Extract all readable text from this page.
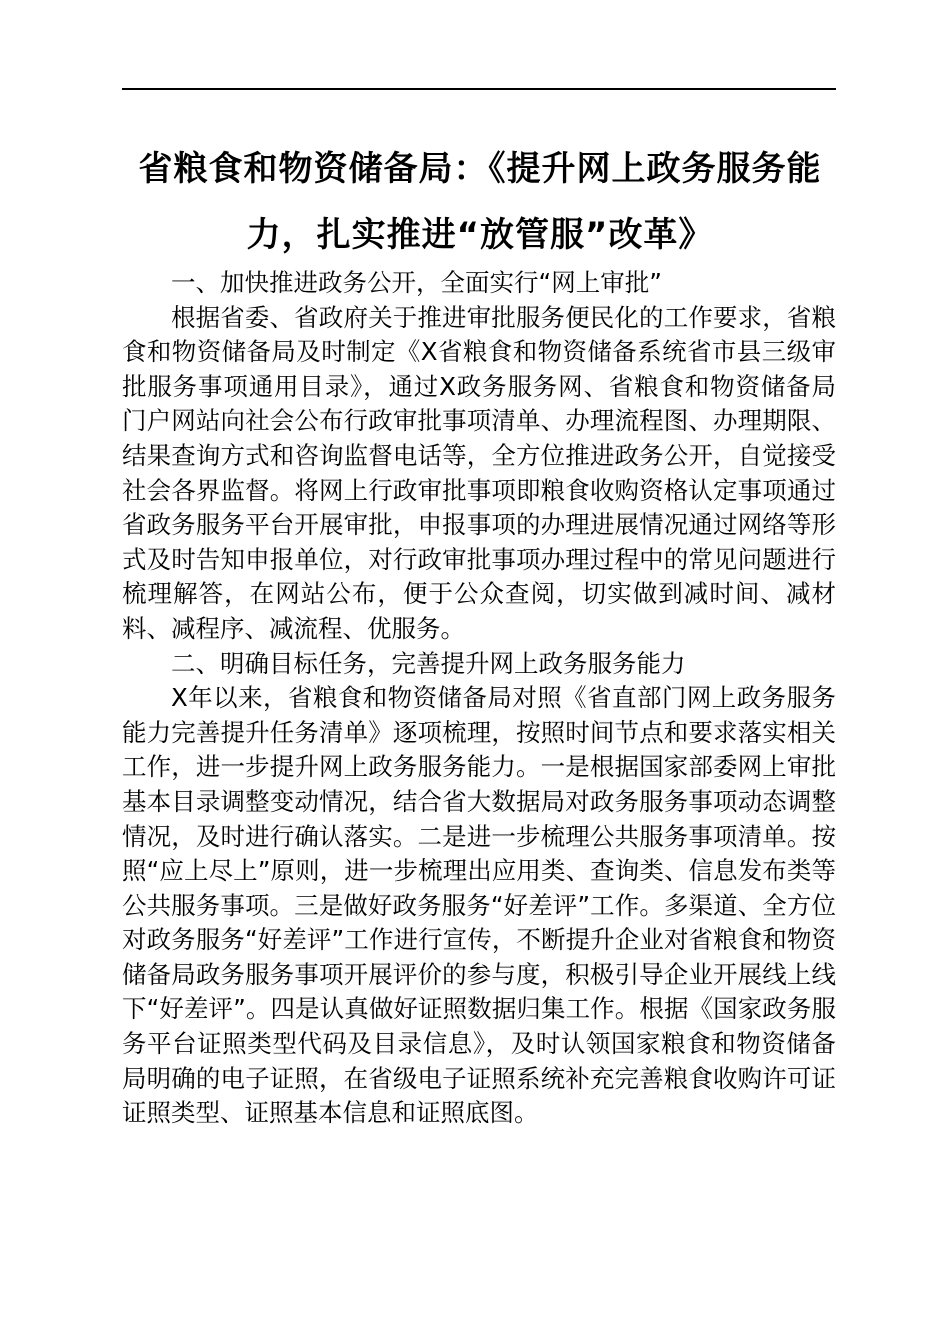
省粮食和物资储备局：《提升网上政务服务能力，扎实推进“放管服”改革》

一、加快推进政务公开，全面实行“网上审批”

根据省委、省政府关于推进审批服务便民化的工作要求，省粮食和物资储备局及时制定《X省粮食和物资储备系统省市县三级审批服务事项通用目录》，通过X政务服务网、省粮食和物资储备局门户网站向社会公布行政审批事项清单、办理流程图、办理期限、结果查询方式和咨询监督电话等，全方位推进政务公开，自觉接受社会各界监督。将网上行政审批事项即粮食收购资格认定事项通过省政务服务平台开展审批，申报事项的办理进展情况通过网络等形式及时告知申报单位，对行政审批事项办理过程中的常见问题进行梳理解答，在网站公布，便于公众查阅，切实做到减时间、减材料、减程序、减流程、优服务。

二、明确目标任务，完善提升网上政务服务能力

X年以来，省粮食和物资储备局对照《省直部门网上政务服务能力完善提升任务清单》逐项梳理，按照时间节点和要求落实相关工作，进一步提升网上政务服务能力。一是根据国家部委网上审批基本目录调整变动情况，结合省大数据局对政务服务事项动态调整情况，及时进行确认落实。二是进一步梳理公共服务事项清单。按照“应上尽上”原则，进一步梳理出应用类、查询类、信息发布类等公共服务事项。三是做好政务服务“好差评”工作。多渠道、全方位对政务服务“好差评”工作进行宣传，不断提升企业对省粮食和物资储备局政务服务事项开展评价的参与度，积极引导企业开展线上线下“好差评”。四是认真做好证照数据归集工作。根据《国家政务服务平台证照类型代码及目录信息》，及时认领国家粮食和物资储备局明确的电子证照，在省级电子证照系统补充完善粮食收购许可证证照类型、证照基本信息和证照底图。
